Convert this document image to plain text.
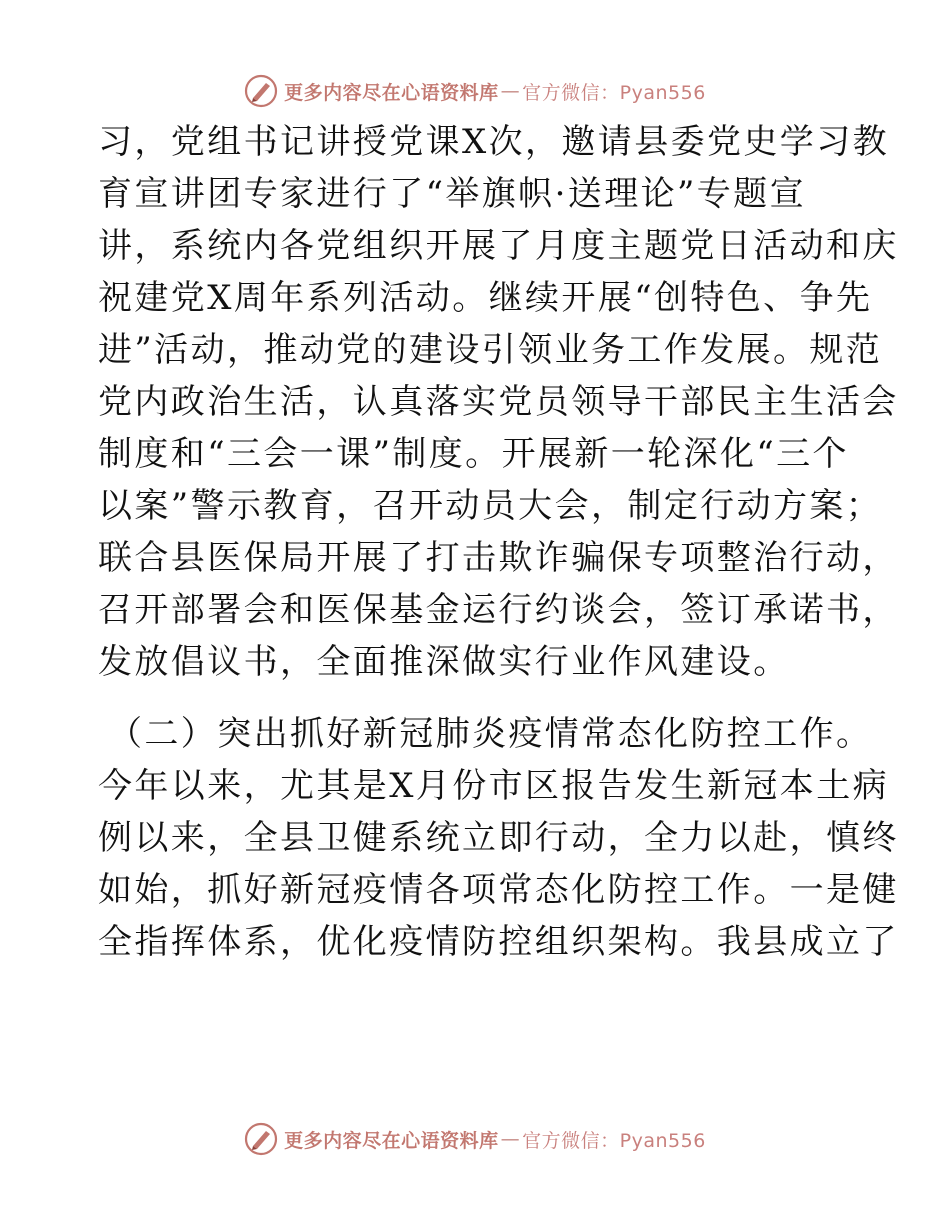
更多内容尽在心语资料库 — 官方微信：Pyan556
习，党组书记讲授党课X次，邀请县委党史学习教
育宣讲团专家进行了“举旗帜·送理论”专题宣
讲，系统内各党组织开展了月度主题党日活动和庆
祝建党X周年系列活动。继续开展“创特色、争先
进”活动，推动党的建设引领业务工作发展。规范
党内政治生活，认真落实党员领导干部民主生活会
制度和“三会一课”制度。开展新一轮深化“三个
以案”警示教育，召开动员大会，制定行动方案；
联合县医保局开展了打击欺诈骗保专项整治行动，
召开部署会和医保基金运行约谈会，签订承诺书，
发放倡议书，全面推深做实行业作风建设。
（二）突出抓好新冠肺炎疫情常态化防控工作。
今年以来，尤其是X月份市区报告发生新冠本土病
例以来，全县卫健系统立即行动，全力以赴，慎终
如始，抓好新冠疫情各项常态化防控工作。一是健
全指挥体系，优化疫情防控组织架构。我县成立了
更多内容尽在心语资料库 — 官方微信：Pyan556
